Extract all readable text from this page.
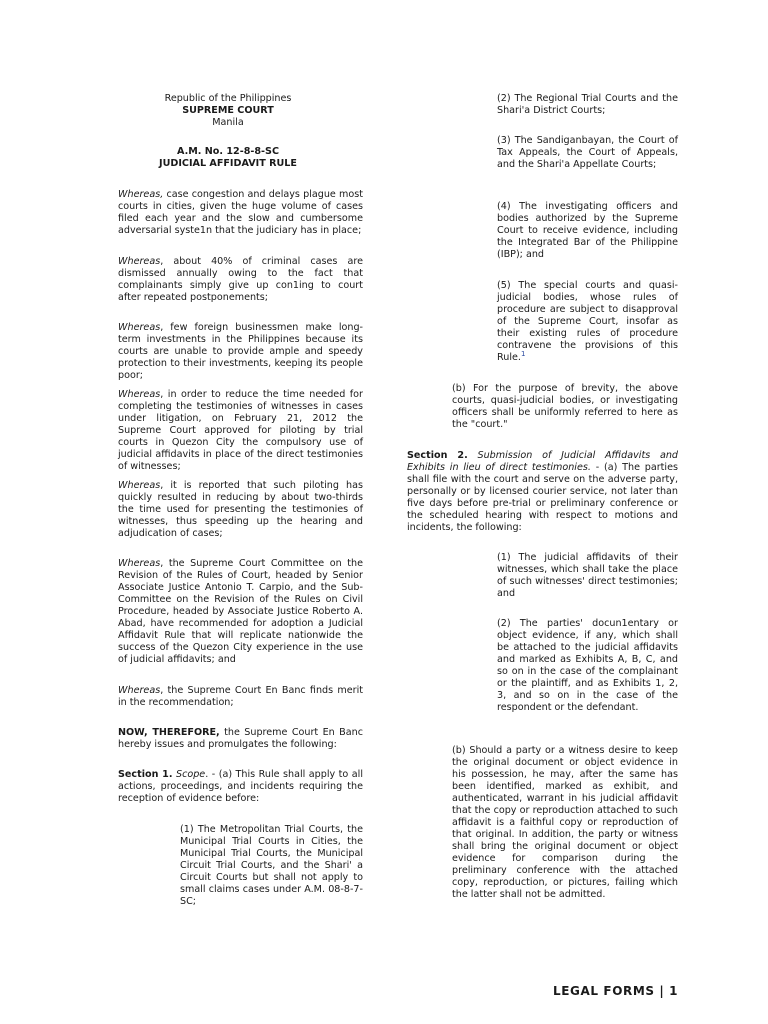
Republic of the Philippines
SUPREME COURT
Manila
A.M. No. 12-8-8-SC
JUDICIAL AFFIDAVIT RULE
Whereas, case congestion and delays plague most courts in cities, given the huge volume of cases filed each year and the slow and cumbersome adversarial syste1n that the judiciary has in place;
Whereas, about 40% of criminal cases are dismissed annually owing to the fact that complainants simply give up con1ing to court after repeated postponements;
Whereas, few foreign businessmen make long-term investments in the Philippines because its courts are unable to provide ample and speedy protection to their investments, keeping its people poor;
Whereas, in order to reduce the time needed for completing the testimonies of witnesses in cases under litigation, on February 21, 2012 the Supreme Court approved for piloting by trial courts in Quezon City the compulsory use of judicial affidavits in place of the direct testimonies of witnesses;
Whereas, it is reported that such piloting has quickly resulted in reducing by about two-thirds the time used for presenting the testimonies of witnesses, thus speeding up the hearing and adjudication of cases;
Whereas, the Supreme Court Committee on the Revision of the Rules of Court, headed by Senior Associate Justice Antonio T. Carpio, and the Sub-Committee on the Revision of the Rules on Civil Procedure, headed by Associate Justice Roberto A. Abad, have recommended for adoption a Judicial Affidavit Rule that will replicate nationwide the success of the Quezon City experience in the use of judicial affidavits; and
Whereas, the Supreme Court En Banc finds merit in the recommendation;
NOW, THEREFORE, the Supreme Court En Banc hereby issues and promulgates the following:
Section 1. Scope. - (a) This Rule shall apply to all actions, proceedings, and incidents requiring the reception of evidence before:
(1) The Metropolitan Trial Courts, the Municipal Trial Courts in Cities, the Municipal Trial Courts, the Municipal Circuit Trial Courts, and the Shari' a Circuit Courts but shall not apply to small claims cases under A.M. 08-8-7-SC;
(2) The Regional Trial Courts and the Shari'a District Courts;
(3) The Sandiganbayan, the Court of Tax Appeals, the Court of Appeals, and the Shari'a Appellate Courts;
(4) The investigating officers and bodies authorized by the Supreme Court to receive evidence, including the Integrated Bar of the Philippine (IBP); and
(5) The special courts and quasi-judicial bodies, whose rules of procedure are subject to disapproval of the Supreme Court, insofar as their existing rules of procedure contravene the provisions of this Rule.$^1$
(b) For the purpose of brevity, the above courts, quasi-judicial bodies, or investigating officers shall be uniformly referred to here as the "court."
Section 2. Submission of Judicial Affidavits and Exhibits in lieu of direct testimonies. - (a) The parties shall file with the court and serve on the adverse party, personally or by licensed courier service, not later than five days before pre-trial or preliminary conference or the scheduled hearing with respect to motions and incidents, the following:
(1) The judicial affidavits of their witnesses, which shall take the place of such witnesses' direct testimonies; and
(2) The parties' docun1entary or object evidence, if any, which shall be attached to the judicial affidavits and marked as Exhibits A, B, C, and so on in the case of the complainant or the plaintiff, and as Exhibits 1, 2, 3, and so on in the case of the respondent or the defendant.
(b) Should a party or a witness desire to keep the original document or object evidence in his possession, he may, after the same has been identified, marked as exhibit, and authenticated, warrant in his judicial affidavit that the copy or reproduction attached to such affidavit is a faithful copy or reproduction of that original. In addition, the party or witness shall bring the original document or object evidence for comparison during the preliminary conference with the attached copy, reproduction, or pictures, failing which the latter shall not be admitted.
LEGAL FORMS | 1
